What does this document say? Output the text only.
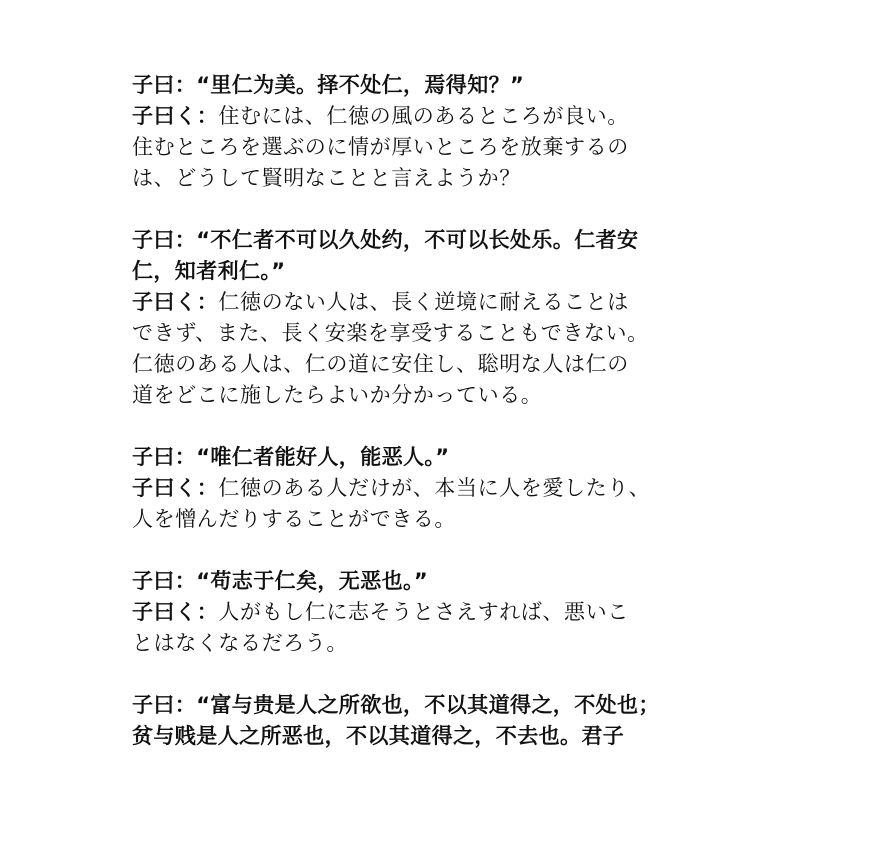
子曰：“里仁为美。择不处仁，焉得知？”
子曰く：住むには、仁徳の風のあるところが良い。
住むところを選ぶのに情が厚いところを放棄するの
は、どうして賢明なことと言えようか？
子曰：“不仁者不可以久处约，不可以长处乐。仁者安
仁，知者利仁。”
子曰く：仁徳のない人は、長く逆境に耐えることは
できず、また、長く安楽を享受することもできない。
仁徳のある人は、仁の道に安住し、聡明な人は仁の
道をどこに施したらよいか分かっている。
子曰：“唯仁者能好人，能恶人。”
子曰く：仁徳のある人だけが、本当に人を愛したり、
人を憎んだりすることができる。
子曰：“苟志于仁矣，无恶也。”
子曰く：人がもし仁に志そうとさえすれば、悪いこ
とはなくなるだろう。
子曰：“富与贵是人之所欲也，不以其道得之，不处也；
贫与贱是人之所恶也，不以其道得之，不去也。君子
